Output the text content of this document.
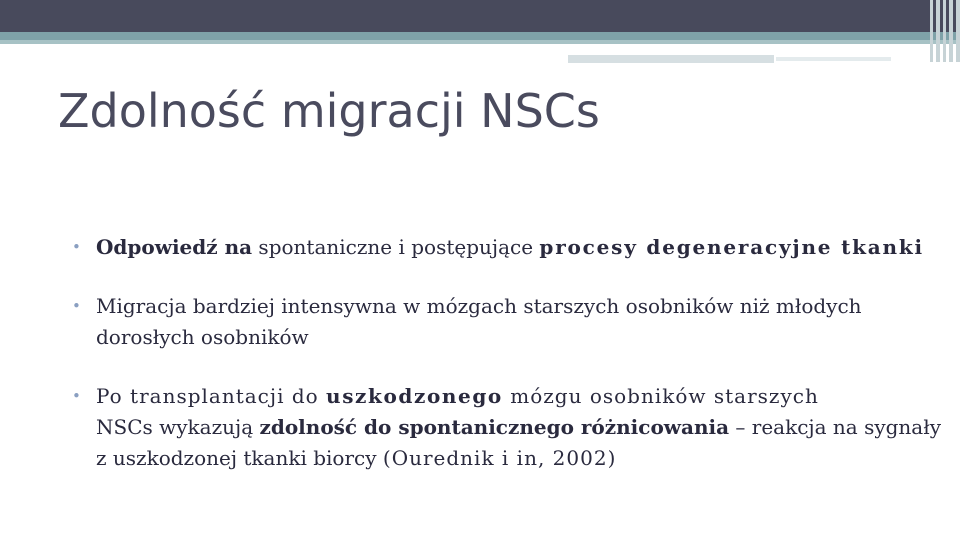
Zdolność migracji NSCs
• Odpowiedź na spontaniczne i postępujące procesy degeneracyjne tkanki
• Migracja bardziej intensywna w mózgach starszych osobników niż młodych dorosłych osobników
• Po transplantacji do uszkodzonego mózgu osobników starszych
NSCs wykazują zdolność do spontanicznego różnicowania – reakcja na sygnały z uszkodzonej tkanki biorcy (Ourednik i in, 2002)
